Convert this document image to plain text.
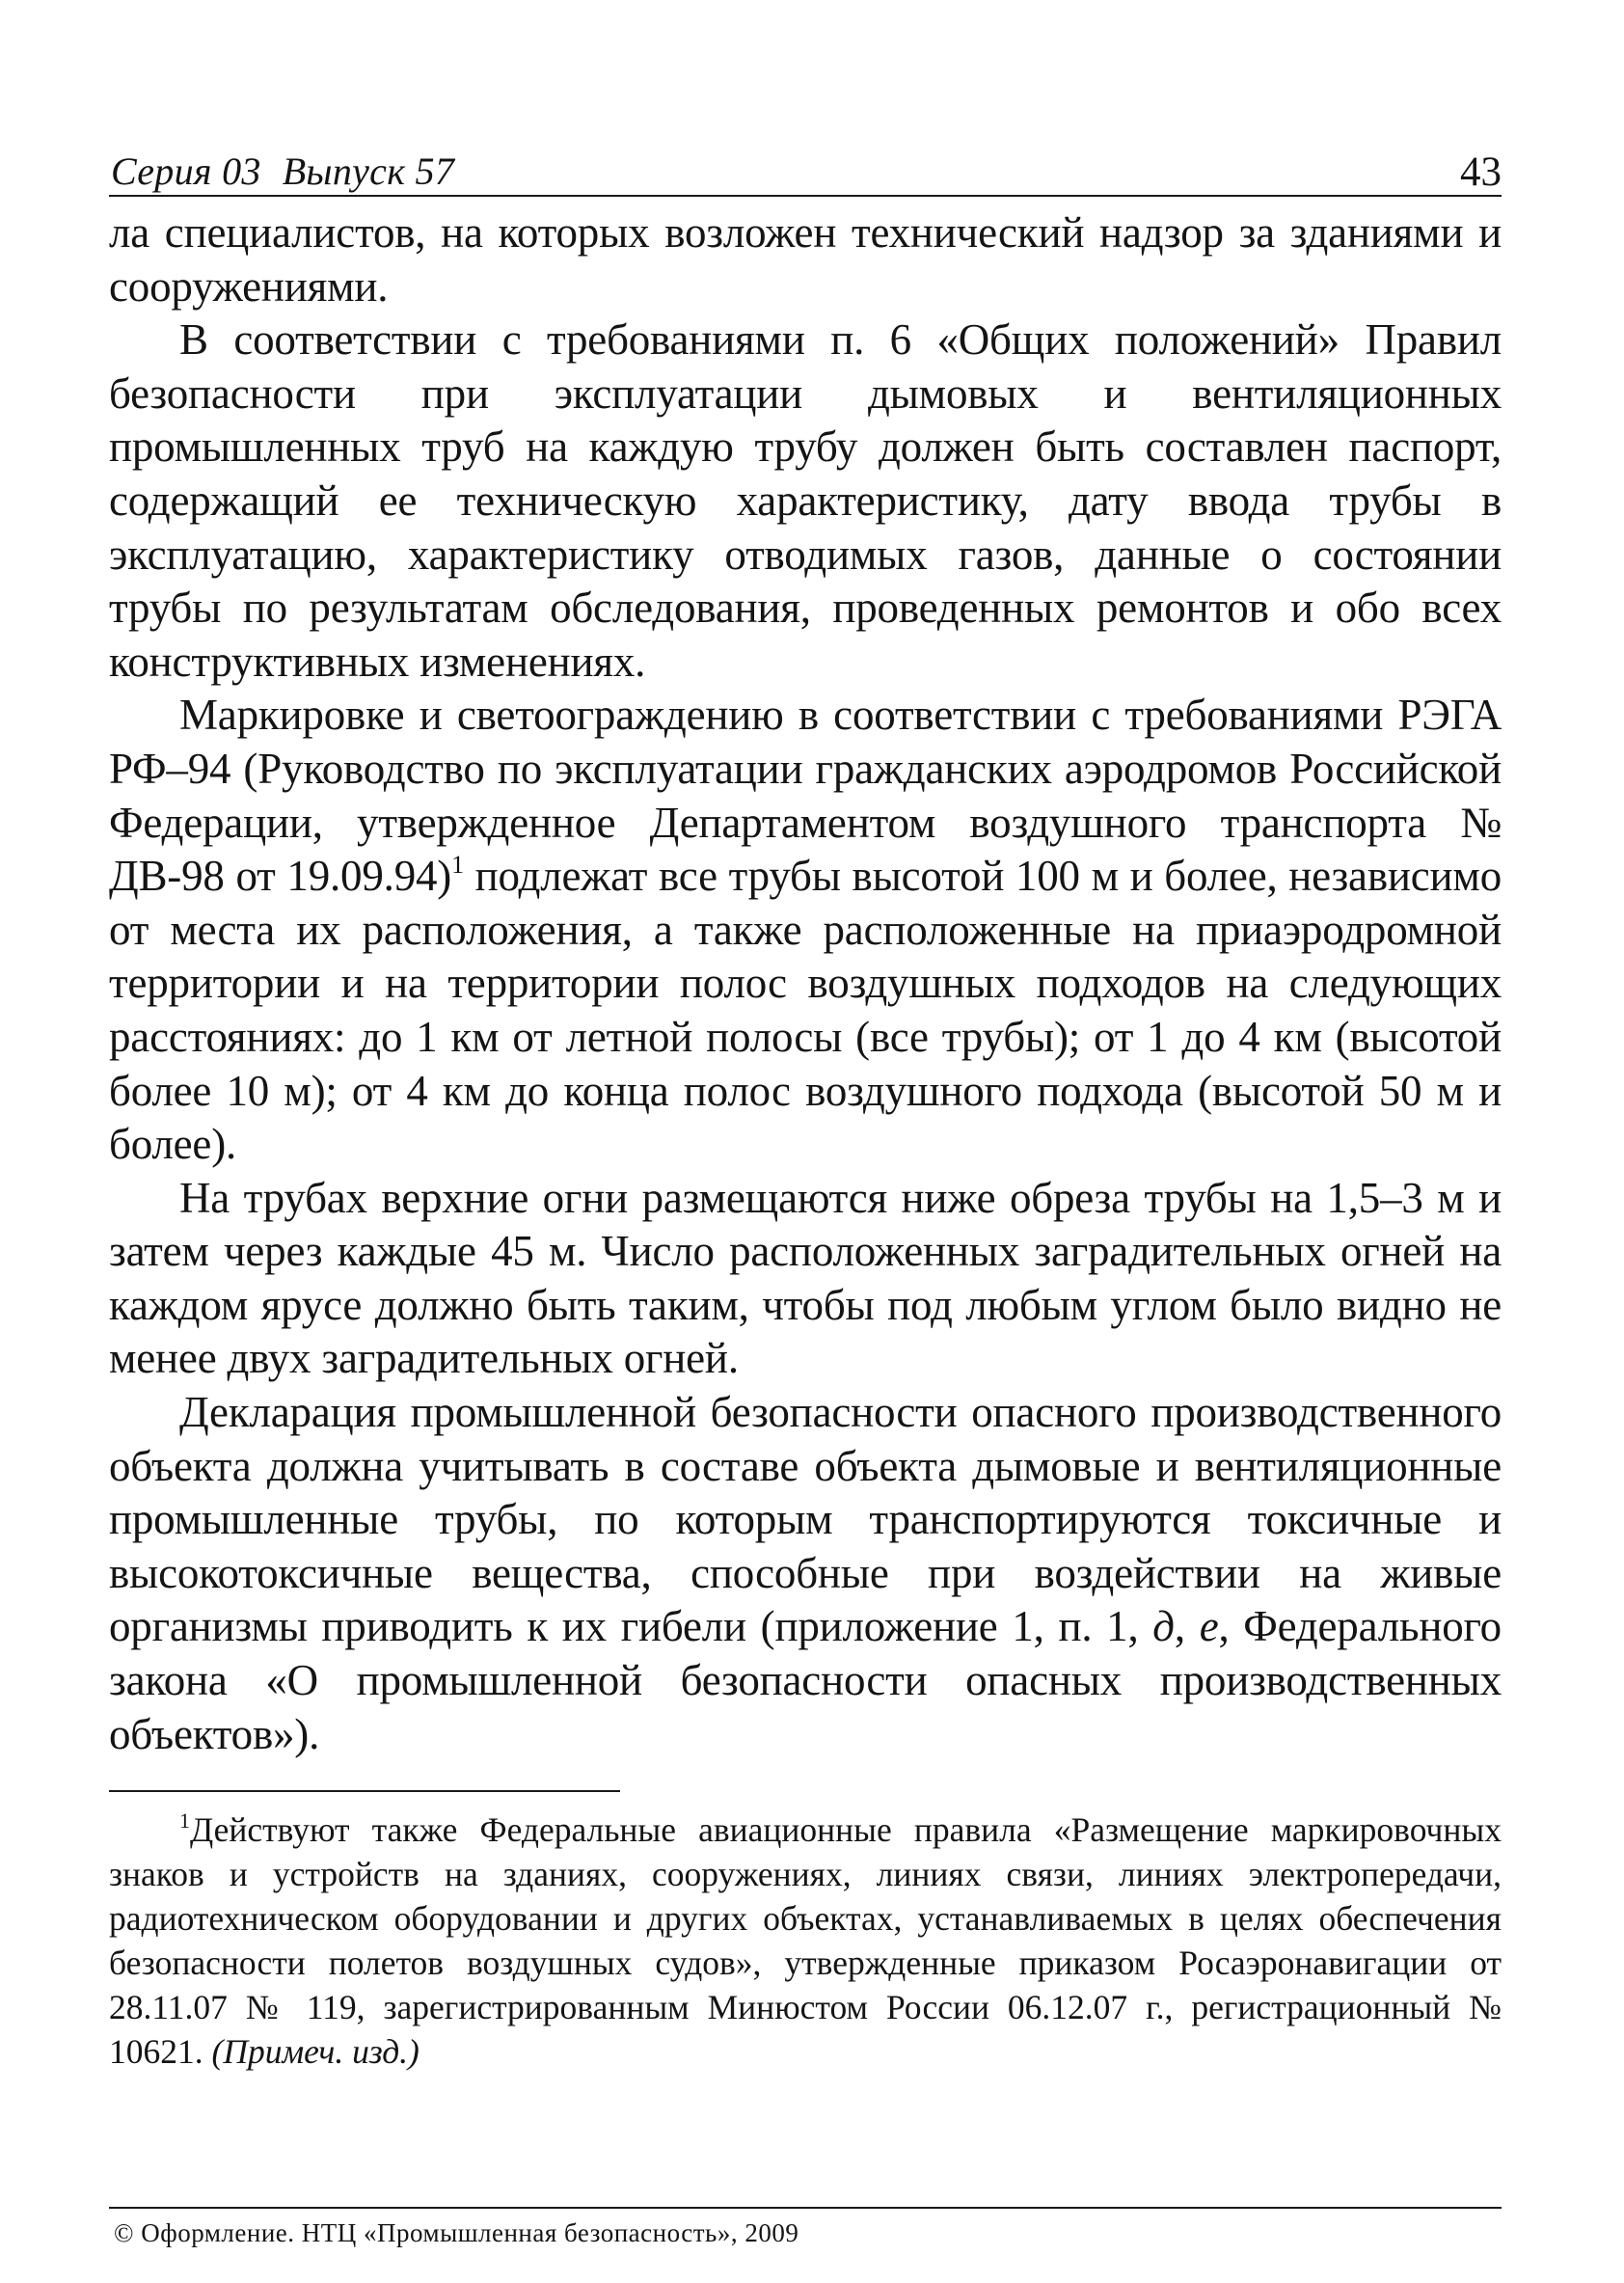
Серия 03 Выпуск 57	43

ла специалистов, на которых возложен технический надзор за зданиями и сооружениями.

В соответствии с требованиями п. 6 «Общих положений» Правил безопасности при эксплуатации дымовых и вентиляционных промышленных труб на каждую трубу должен быть составлен паспорт, содержащий ее техническую характеристику, дату ввода трубы в эксплуатацию, характеристику отводимых газов, данные о состоянии трубы по результатам обследования, проведенных ремонтов и обо всех конструктивных изменениях.

Маркировке и светоограждению в соответствии с требованиями РЭГА РФ–94 (Руководство по эксплуатации гражданских аэродромов Российской Федерации, утвержденное Департаментом воздушного транспорта № ДВ-98 от 19.09.94)$^1$ подлежат все трубы высотой 100 м и более, независимо от места их расположения, а также расположенные на приаэродромной территории и на территории полос воздушных подходов на следующих расстояниях: до 1 км от летной полосы (все трубы); от 1 до 4 км (высотой более 10 м); от 4 км до конца полос воздушного подхода (высотой 50 м и более).

На трубах верхние огни размещаются ниже обреза трубы на 1,5–3 м и затем через каждые 45 м. Число расположенных заградительных огней на каждом ярусе должно быть таким, чтобы под любым углом было видно не менее двух заградительных огней.

Декларация промышленной безопасности опасного производственного объекта должна учитывать в составе объекта дымовые и вентиляционные промышленные трубы, по которым транспортируются токсичные и высокотоксичные вещества, способные при воздействии на живые организмы приводить к их гибели (приложение 1, п. 1, д, е, Федерального закона «О промышленной безопасности опасных производственных объектов»).

$^1$Действуют также Федеральные авиационные правила «Размещение маркировочных знаков и устройств на зданиях, сооружениях, линиях связи, линиях электропередачи, радиотехническом оборудовании и других объектах, устанавливаемых в целях обеспечения безопасности полетов воздушных судов», утвержденные приказом Росаэронавигации от 28.11.07 № 119, зарегистрированным Минюстом России 06.12.07 г., регистрационный № 10621. (Примеч. изд.)
© Оформление. НТЦ «Промышленная безопасность», 2009
